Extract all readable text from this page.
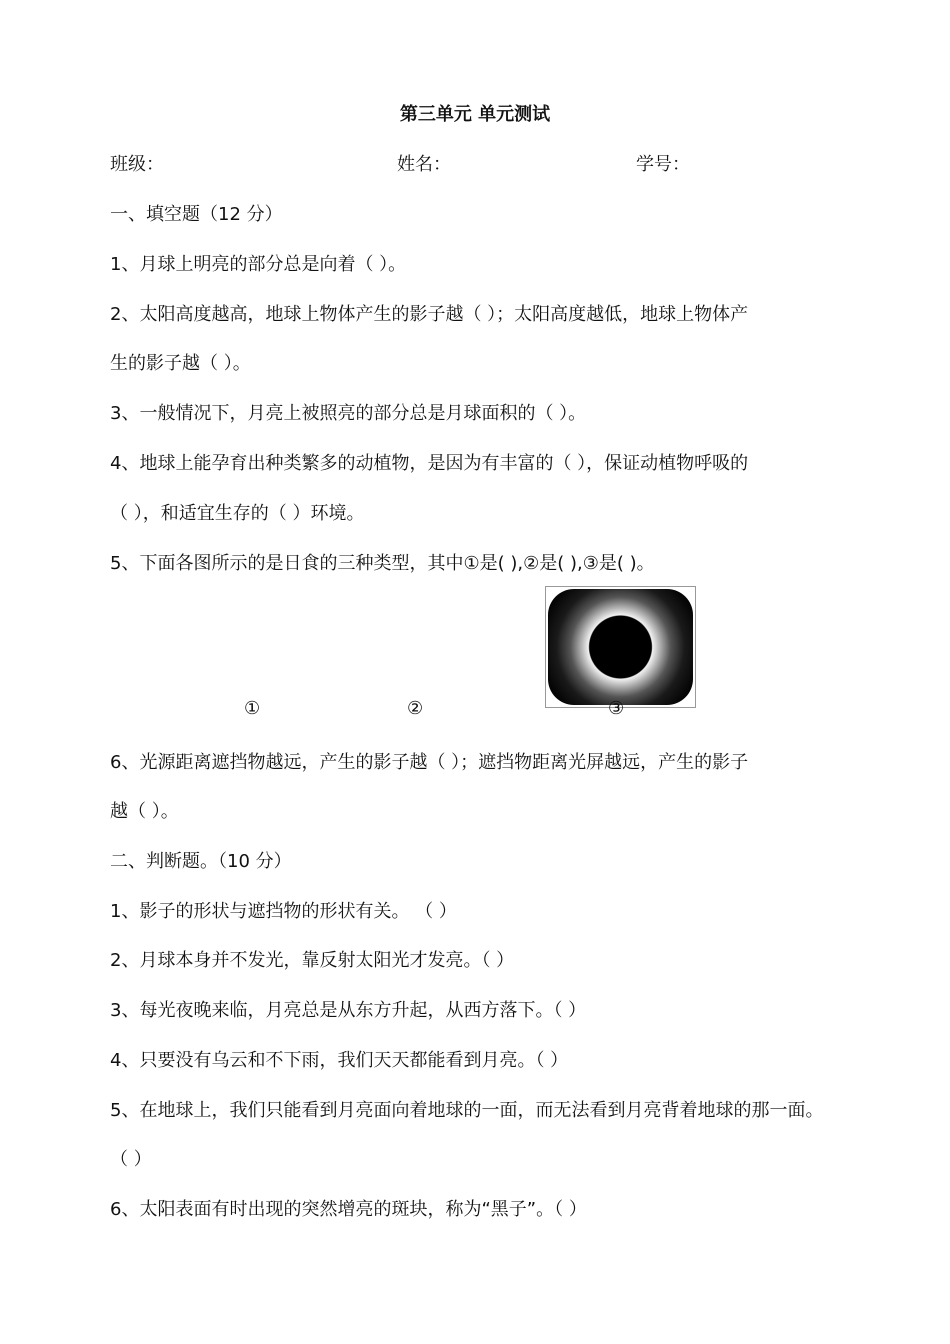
第三单元 单元测试
班级：	姓名：	学号：
一、填空题（12 分）
1、月球上明亮的部分总是向着（ ）。
2、太阳高度越高，地球上物体产生的影子越（ ）；太阳高度越低，地球上物体产
生的影子越（ ）。
3、一般情况下，月亮上被照亮的部分总是月球面积的（ ）。
4、地球上能孕育出种类繁多的动植物，是因为有丰富的（ ），保证动植物呼吸的
（ ），和适宜生存的（ ）环境。
5、下面各图所示的是日食的三种类型，其中①是( ),②是( ),③是( )。
①	②	③
6、光源距离遮挡物越远，产生的影子越（ ）；遮挡物距离光屏越远，产生的影子
越（ ）。
二、判断题。（10 分）
1、影子的形状与遮挡物的形状有关。 （ ）
2、月球本身并不发光，靠反射太阳光才发亮。（ ）
3、每光夜晚来临，月亮总是从东方升起，从西方落下。（ ）
4、只要没有乌云和不下雨，我们天天都能看到月亮。（ ）
5、在地球上，我们只能看到月亮面向着地球的一面，而无法看到月亮背着地球的那一面。
（ ）
6、太阳表面有时出现的突然增亮的斑块，称为“黑子”。（ ）
